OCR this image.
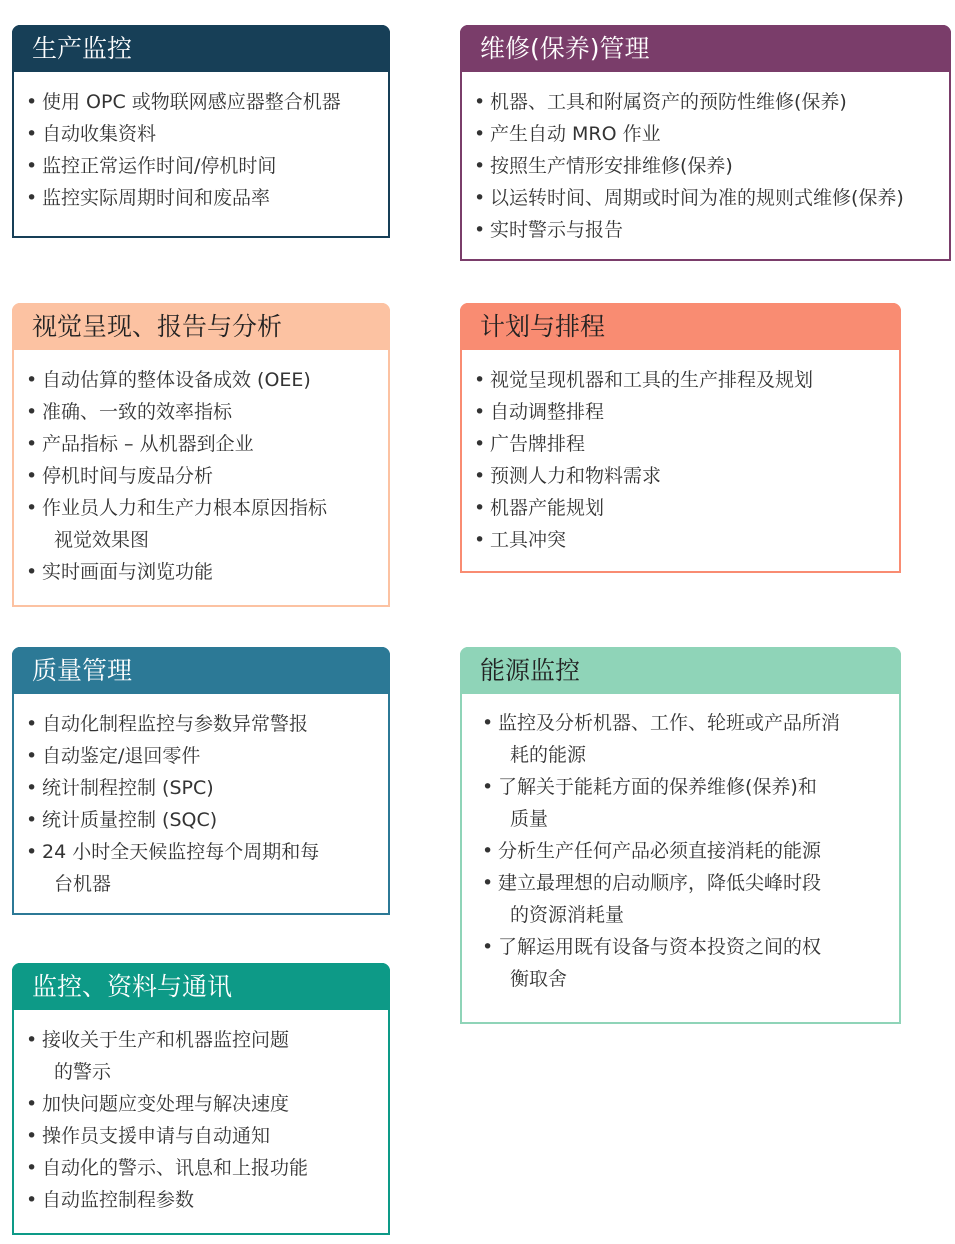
生产监控
• 使用 OPC 或物联网感应器整合机器
• 自动收集资料
• 监控正常运作时间/停机时间
• 监控实际周期时间和废品率
维修(保养)管理
• 机器、工具和附属资产的预防性维修(保养)
• 产生自动 MRO 作业
• 按照生产情形安排维修(保养)
• 以运转时间、周期或时间为准的规则式维修(保养)
• 实时警示与报告
视觉呈现、报告与分析
• 自动估算的整体设备成效 (OEE)
• 准确、一致的效率指标
• 产品指标 – 从机器到企业
• 停机时间与废品分析
• 作业员人力和生产力根本原因指标
视觉效果图
• 实时画面与浏览功能
计划与排程
• 视觉呈现机器和工具的生产排程及规划
• 自动调整排程
• 广告牌排程
• 预测人力和物料需求
• 机器产能规划
• 工具冲突
质量管理
• 自动化制程监控与参数异常警报
• 自动鉴定/退回零件
• 统计制程控制 (SPC)
• 统计质量控制 (SQC)
• 24 小时全天候监控每个周期和每
台机器
能源监控
• 监控及分析机器、工作、轮班或产品所消
耗的能源
• 了解关于能耗方面的保养维修(保养)和
质量
• 分析生产任何产品必须直接消耗的能源
• 建立最理想的启动顺序，降低尖峰时段
的资源消耗量
• 了解运用既有设备与资本投资之间的权
衡取舍
监控、资料与通讯
• 接收关于生产和机器监控问题
的警示
• 加快问题应变处理与解决速度
• 操作员支援申请与自动通知
• 自动化的警示、讯息和上报功能
• 自动监控制程参数
